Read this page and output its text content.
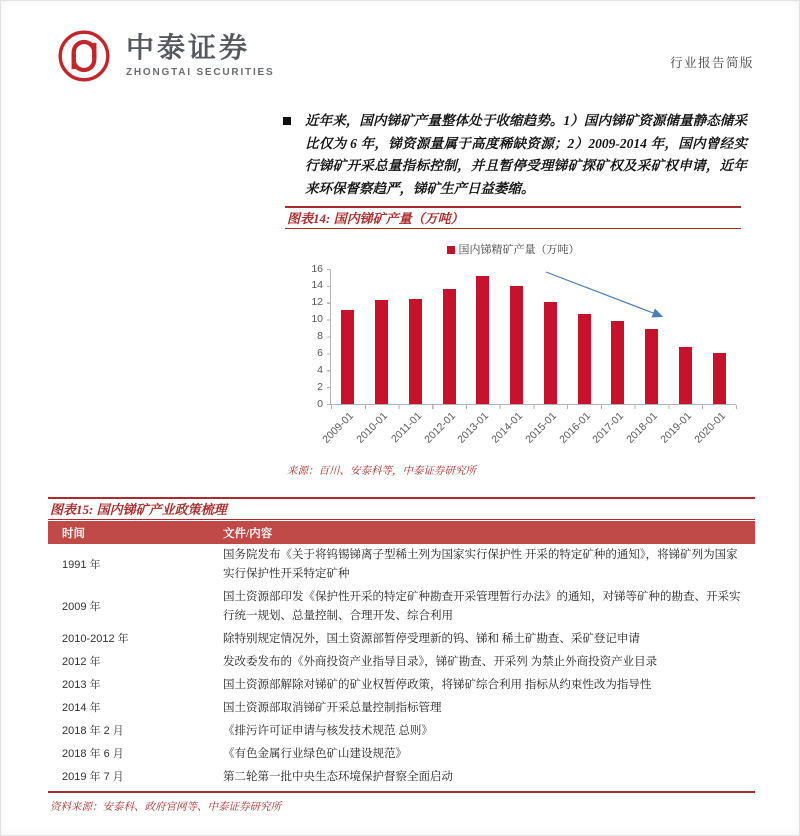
中泰证券
ZHONGTAI SECURITIES
行业报告简版

近年来，国内锑矿产量整体处于收缩趋势。1）国内锑矿资源储量静态储采比仅为 6 年，锑资源量属于高度稀缺资源；2）2009-2014 年，国内曾经实行锑矿开采总量指标控制，并且暂停受理锑矿探矿权及采矿权申请，近年来环保督察趋严，锑矿生产日益萎缩。

图表14: 国内锑矿产量（万吨）
国内锑精矿产量（万吨）
2009-01
2010-01
2011-01
2012-01
2013-01
2014-01
2015-01
2016-01
2017-01
2018-01
2019-01
2020-01
0
2
4
6
8
10
12
14
16
来源：百川、安泰科等，中泰证券研究所
图表15: 国内锑矿产业政策梳理
时间	文件/内容
1991 年
国务院发布《关于将钨锡锑离子型稀土列为国家实行保护性 开采的特定矿种的通知》，将锑矿列为国家实行保护性开采特定矿种
2009 年
国土资源部印发《保护性开采的特定矿种勘查开采管理暂行办法》的通知，对锑等矿种的勘查、开采实 行统一规划、总量控制、合理开发、综合利用
2010-2012 年	除特别规定情况外，国土资源部暂停受理新的钨、锑和 稀土矿勘查、采矿登记申请
2012 年	发改委发布的《外商投资产业指导目录》，锑矿勘查、开采列 为禁止外商投资产业目录
2013 年	国土资源部解除对锑矿的矿业权暂停政策，将锑矿综合利用 指标从约束性改为指导性
2014 年	国土资源部取消锑矿开采总量控制指标管理
2018 年 2 月	《排污许可证申请与核发技术规范 总则》
2018 年 6 月	《有色金属行业绿色矿山建设规范》
2019 年 7 月	第二轮第一批中央生态环境保护督察全面启动
资料来源：安泰科、政府官网等、中泰证券研究所
